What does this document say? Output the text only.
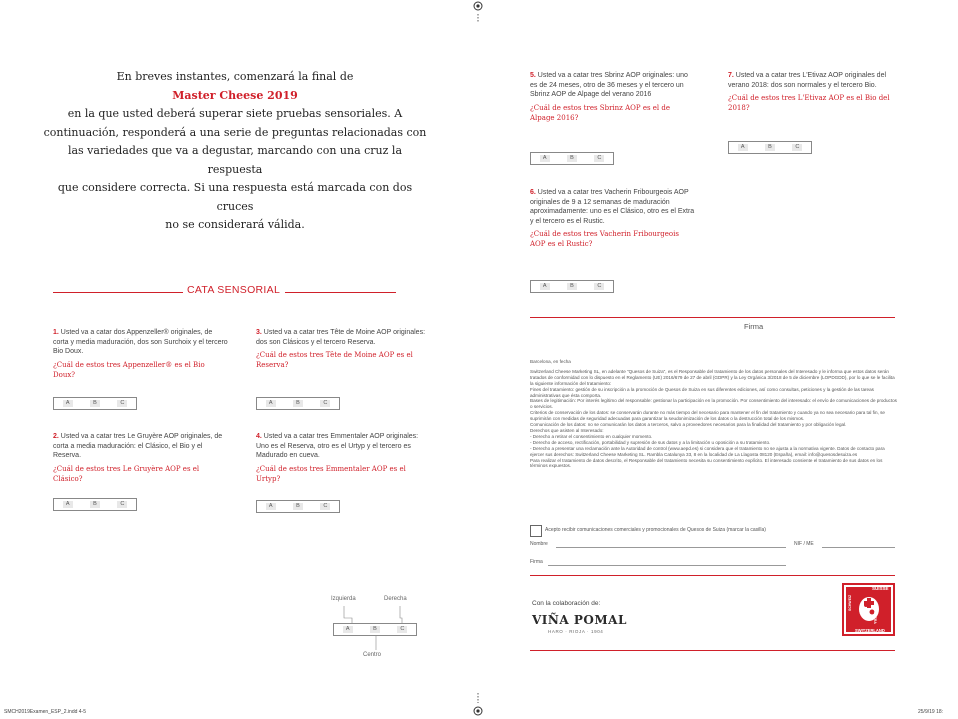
En breves instantes, comenzará la final de
Master Cheese 2019
en la que usted deberá superar siete pruebas sensoriales. A
continuación, responderá a una serie de preguntas relacionadas con
las variedades que va a degustar, marcando con una cruz la respuesta
que considere correcta. Si una respuesta está marcada con dos cruces
no se considerará válida.
CATA SENSORIAL
1. Usted va a catar dos Appenzeller® originales, de corta y media maduración, dos son Surchoix y el tercero Bio Doux.
¿Cuál de estos tres Appenzeller® es el Bio Doux?
A	B	C
2. Usted va a catar tres Le Gruyère AOP originales, de corta a media maduración: el Clásico, el Bio y el Reserva.
¿Cuál de estos tres Le Gruyère AOP es el Clásico?
A	B	C
3. Usted va a catar tres Tête de Moine AOP originales: dos son Clásicos y el tercero Reserva.
¿Cuál de estos tres Tête de Moine AOP es el Reserva?
A	B	C
4. Usted va a catar tres Emmentaler AOP originales: Uno es el Reserva, otro es el Urtyp y el tercero es Madurado en cueva.
¿Cuál de estos tres Emmentaler AOP es el Urtyp?
A	B	C
Izquierda	Derecha
A	B	C
Centro
5. Usted va a catar tres Sbrinz AOP originales: uno es de 24 meses, otro de 36 meses y el tercero un Sbrinz AOP de Alpage del verano 2016
¿Cuál de estos tres Sbrinz AOP es el de Alpage 2016?
A	B	C
6. Usted va a catar tres Vacherin Fribourgeois AOP originales de 9 a 12 semanas de maduración aproximadamente: uno es el Clásico, otro es el Extra y el tercero es el Rustic.
¿Cuál de estos tres Vacherin Fribourgeois AOP es el Rustic?
A	B	C
7. Usted va a catar tres L'Etivaz AOP originales del verano 2018: dos son normales y el tercero Bio.
¿Cuál de estos tres L'Etivaz AOP es el Bio del 2018?
A	B	C
Firma

Barcelona, en fecha

Switzerland Cheese Marketing SL, en adelante "Quesos de Suiza", es el Responsable del tratamiento de los datos personales del Interesado y le informa que estos datos serán tratados de conformidad con lo dispuesto en el Reglamento (UE) 2016/679 de 27 de abril (GDPR) y la Ley Orgánica 3/2018 de 5 de diciembre (LOPDGDD), por lo que se le facilita la siguiente información del tratamiento:

Fines del tratamiento: gestión de su inscripción a la promoción de Quesos de Suiza en sus diferentes ediciones, así como consultas, peticiones y la gestión de las tareas administrativas que ésta comporta.

Bases de legitimación: Por interés legítimo del responsable: gestionar la participación en la promoción. Por consentimiento del interesado: el envío de comunicaciones de productos o servicios.

Criterios de conservación de los datos: se conservarán durante no más tiempo del necesario para mantener el fin del tratamiento y cuando ya no sea necesario para tal fin, se suprimirán con medidas de seguridad adecuadas para garantizar la seudonimización de los datos o la destrucción total de los mismos.

Comunicación de los datos: no se comunicarán los datos a terceros, salvo a proveedores necesarios para la finalidad del tratamiento y por obligación legal.

Derechos que asisten al Interesado:

- Derecho a retirar el consentimiento en cualquier momento.

- Derecho de acceso, rectificación, portabilidad y supresión de sus datos y a la limitación u oposición a su tratamiento.

- Derecho a presentar una reclamación ante la Autoridad de control (www.aepd.es) si considera que el tratamiento no se ajusta a la normativa vigente. Datos de contacto para ejercer sus derechos: Switzerland Cheese Marketing SL. Rambla Catalunya 33, 8 en la localidad de La Llagosta 08120 (España), email: info@quesosdesuiza.es

Para realizar el tratamiento de datos descrito, el Responsable del tratamiento necesita su consentimiento explícito. El interesado consiente el tratamiento de sus datos en los términos expuestos.

Acepto recibir comunicaciones comerciales y promocionales de Quesos de Suiza (marcar la casilla)
Nombre	NIF / ME
Firma
Con la colaboración de:
VIÑA POMAL
HARO · RIOJA · 1904
SUISSE
SVIZZERA
SWITZERLAND
SCHWEIZ
SMCH2019Examen_ESP_2.indd 4-5	25/9/19 18:
